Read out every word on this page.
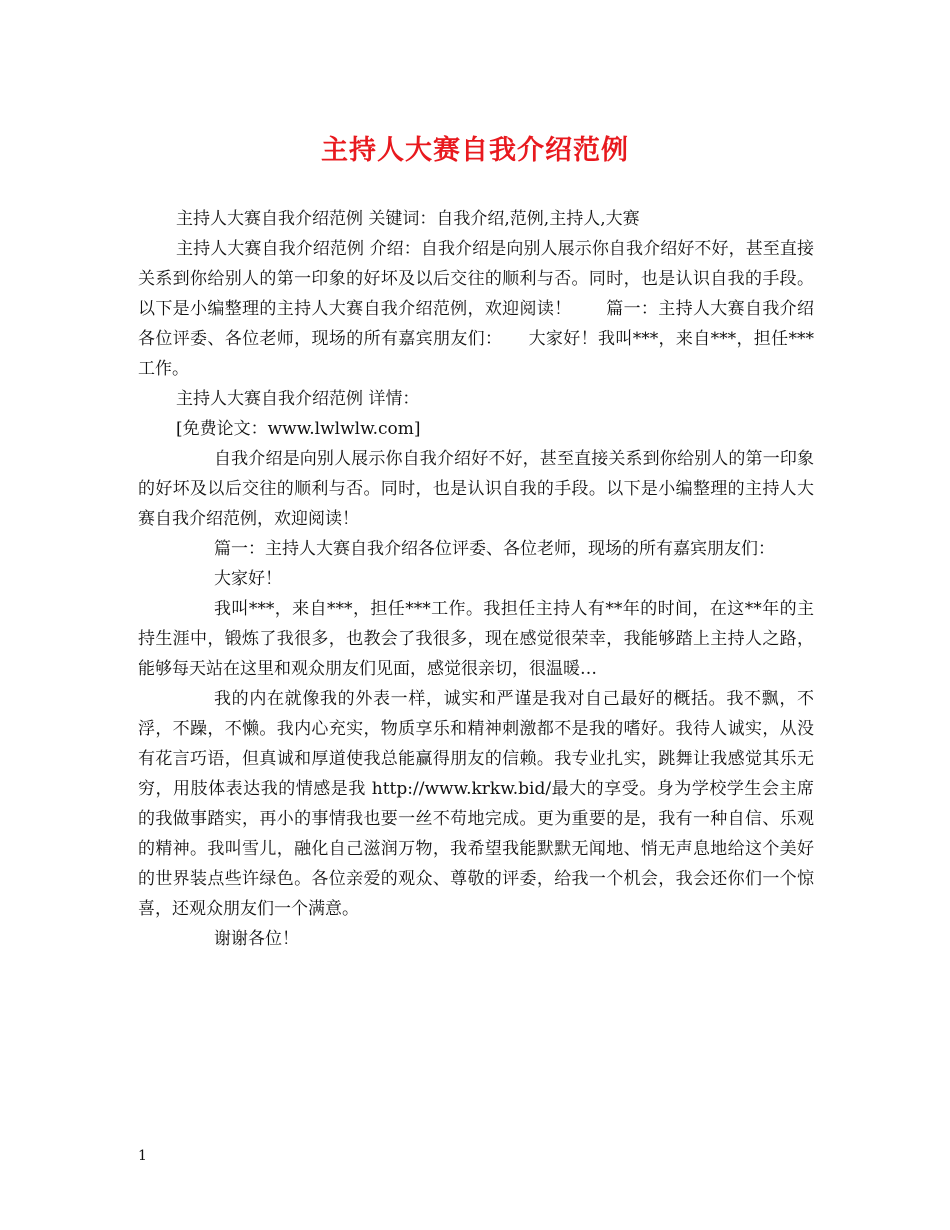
主持人大赛自我介绍范例

主持人大赛自我介绍范例 关键词：自我介绍,范例,主持人,大赛

主持人大赛自我介绍范例 介绍：自我介绍是向别人展示你自我介绍好不好，甚至直接关系到你给别人的第一印象的好坏及以后交往的顺利与否。同时，也是认识自我的手段。以下是小编整理的主持人大赛自我介绍范例，欢迎阅读！　　篇一：主持人大赛自我介绍各位评委、各位老师，现场的所有嘉宾朋友们：　　大家好！我叫***，来自***，担任***工作。

主持人大赛自我介绍范例 详情：

[免费论文：www.lwlwlw.com]

自我介绍是向别人展示你自我介绍好不好，甚至直接关系到你给别人的第一印象的好坏及以后交往的顺利与否。同时，也是认识自我的手段。以下是小编整理的主持人大赛自我介绍范例，欢迎阅读！

篇一：主持人大赛自我介绍各位评委、各位老师，现场的所有嘉宾朋友们：

大家好！

我叫***，来自***，担任***工作。我担任主持人有**年的时间，在这**年的主持生涯中，锻炼了我很多，也教会了我很多，现在感觉很荣幸，我能够踏上主持人之路，能够每天站在这里和观众朋友们见面，感觉很亲切，很温暖…

我的内在就像我的外表一样，诚实和严谨是我对自己最好的概括。我不飘，不浮，不躁，不懒。我内心充实，物质享乐和精神刺激都不是我的嗜好。我待人诚实，从没有花言巧语，但真诚和厚道使我总能赢得朋友的信赖。我专业扎实，跳舞让我感觉其乐无穷，用肢体表达我的情感是我 http://www.krkw.bid/最大的享受。身为学校学生会主席的我做事踏实，再小的事情我也要一丝不苟地完成。更为重要的是，我有一种自信、乐观的精神。我叫雪儿，融化自己滋润万物，我希望我能默默无闻地、悄无声息地给这个美好的世界装点些许绿色。各位亲爱的观众、尊敬的评委，给我一个机会，我会还你们一个惊喜，还观众朋友们一个满意。

谢谢各位！

1
